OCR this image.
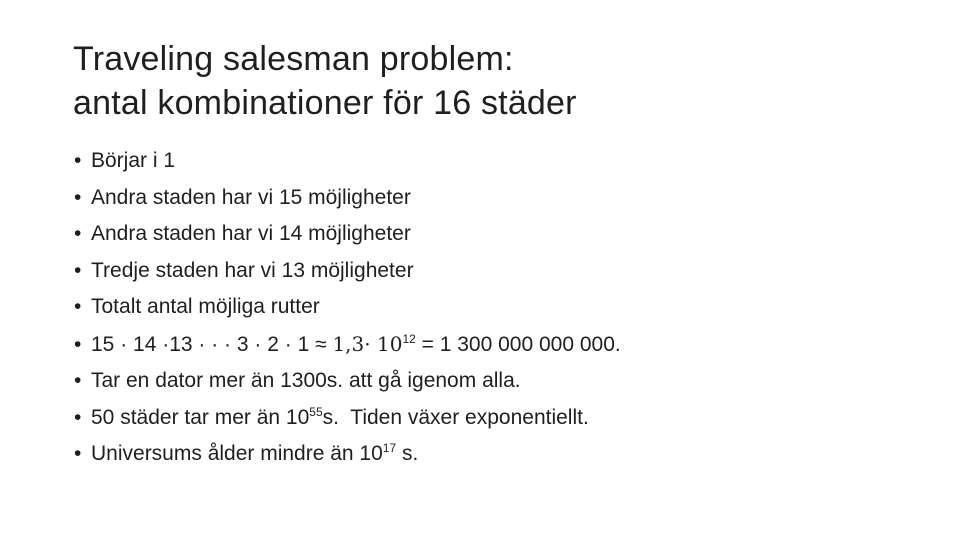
Traveling salesman problem:
antal kombinationer för 16 städer
• Börjar i 1
• Andra staden har vi 15 möjligheter
• Andra staden har vi 14 möjligheter
• Tredje staden har vi 13 möjligheter
• Totalt antal möjliga rutter
• 15 · 14 ·13 · · · $3 \cdot 2 \cdot 1 \approx 1,3\cdot 10^{12} = 1$ 300 000 000 000.
• Tar en dator mer än 1300s. att gå igenom alla.
• 50 städer tar mer än $10^{55}s$.  Tiden växer exponentiellt.
• Universums ålder mindre än $10^{17}$ s.
